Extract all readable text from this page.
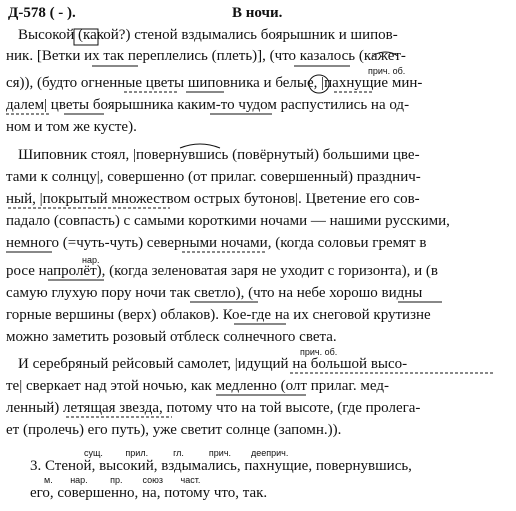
Д-578 ( - ).	В ночи.
Высокой (какой?) стеной вздымались боярышник и шипов-
ник. [Ветки их так переплелись (плеть)], (что казалось (кажет-
прич. об.
ся)), (будто огненные цветы шиповника и белые, |пахнущие мин-
далем| цветы боярышника каким-то чудом распустились на од-
ном и том же кусте).
Шиповник стоял, |повернувшись (повёрнутый) большими цве-
тами к солнцу|, совершенно (от прилаг. совершенный) празднич-
ный, |покрытый множеством острых бутонов|. Цветение его сов-
падало (совпасть) с самыми короткими ночами — нашими русскими,
немного (=чуть-чуть) северными ночами, (когда соловьи гремят в
нар.
росе напролёт), (когда зеленоватая заря не уходит с горизонта), и (в
самую глухую пору ночи так светло), (что на небе хорошо видны
горные вершины (верх) облаков). Кое-где на их снеговой крутизне
можно заметить розовый отблеск солнечного света.
прич. об.
И серебряный рейсовый самолет, |идущий на большой высо-
те| сверкает над этой ночью, как медленно (олт прилаг. мед-
ленный) летящая звезда, потому что на той высоте, (где пролега-
ет (пролечь) его путь), уже светит солнце (запомн.)).
сущ.         прил.          гл.          прич.        дееприч.
3. Стеной, высокий, вздымались, пахнущие, повернувшись,
м.       нар.         пр.        союз       част.
его, совершенно, на, потому что, так.
